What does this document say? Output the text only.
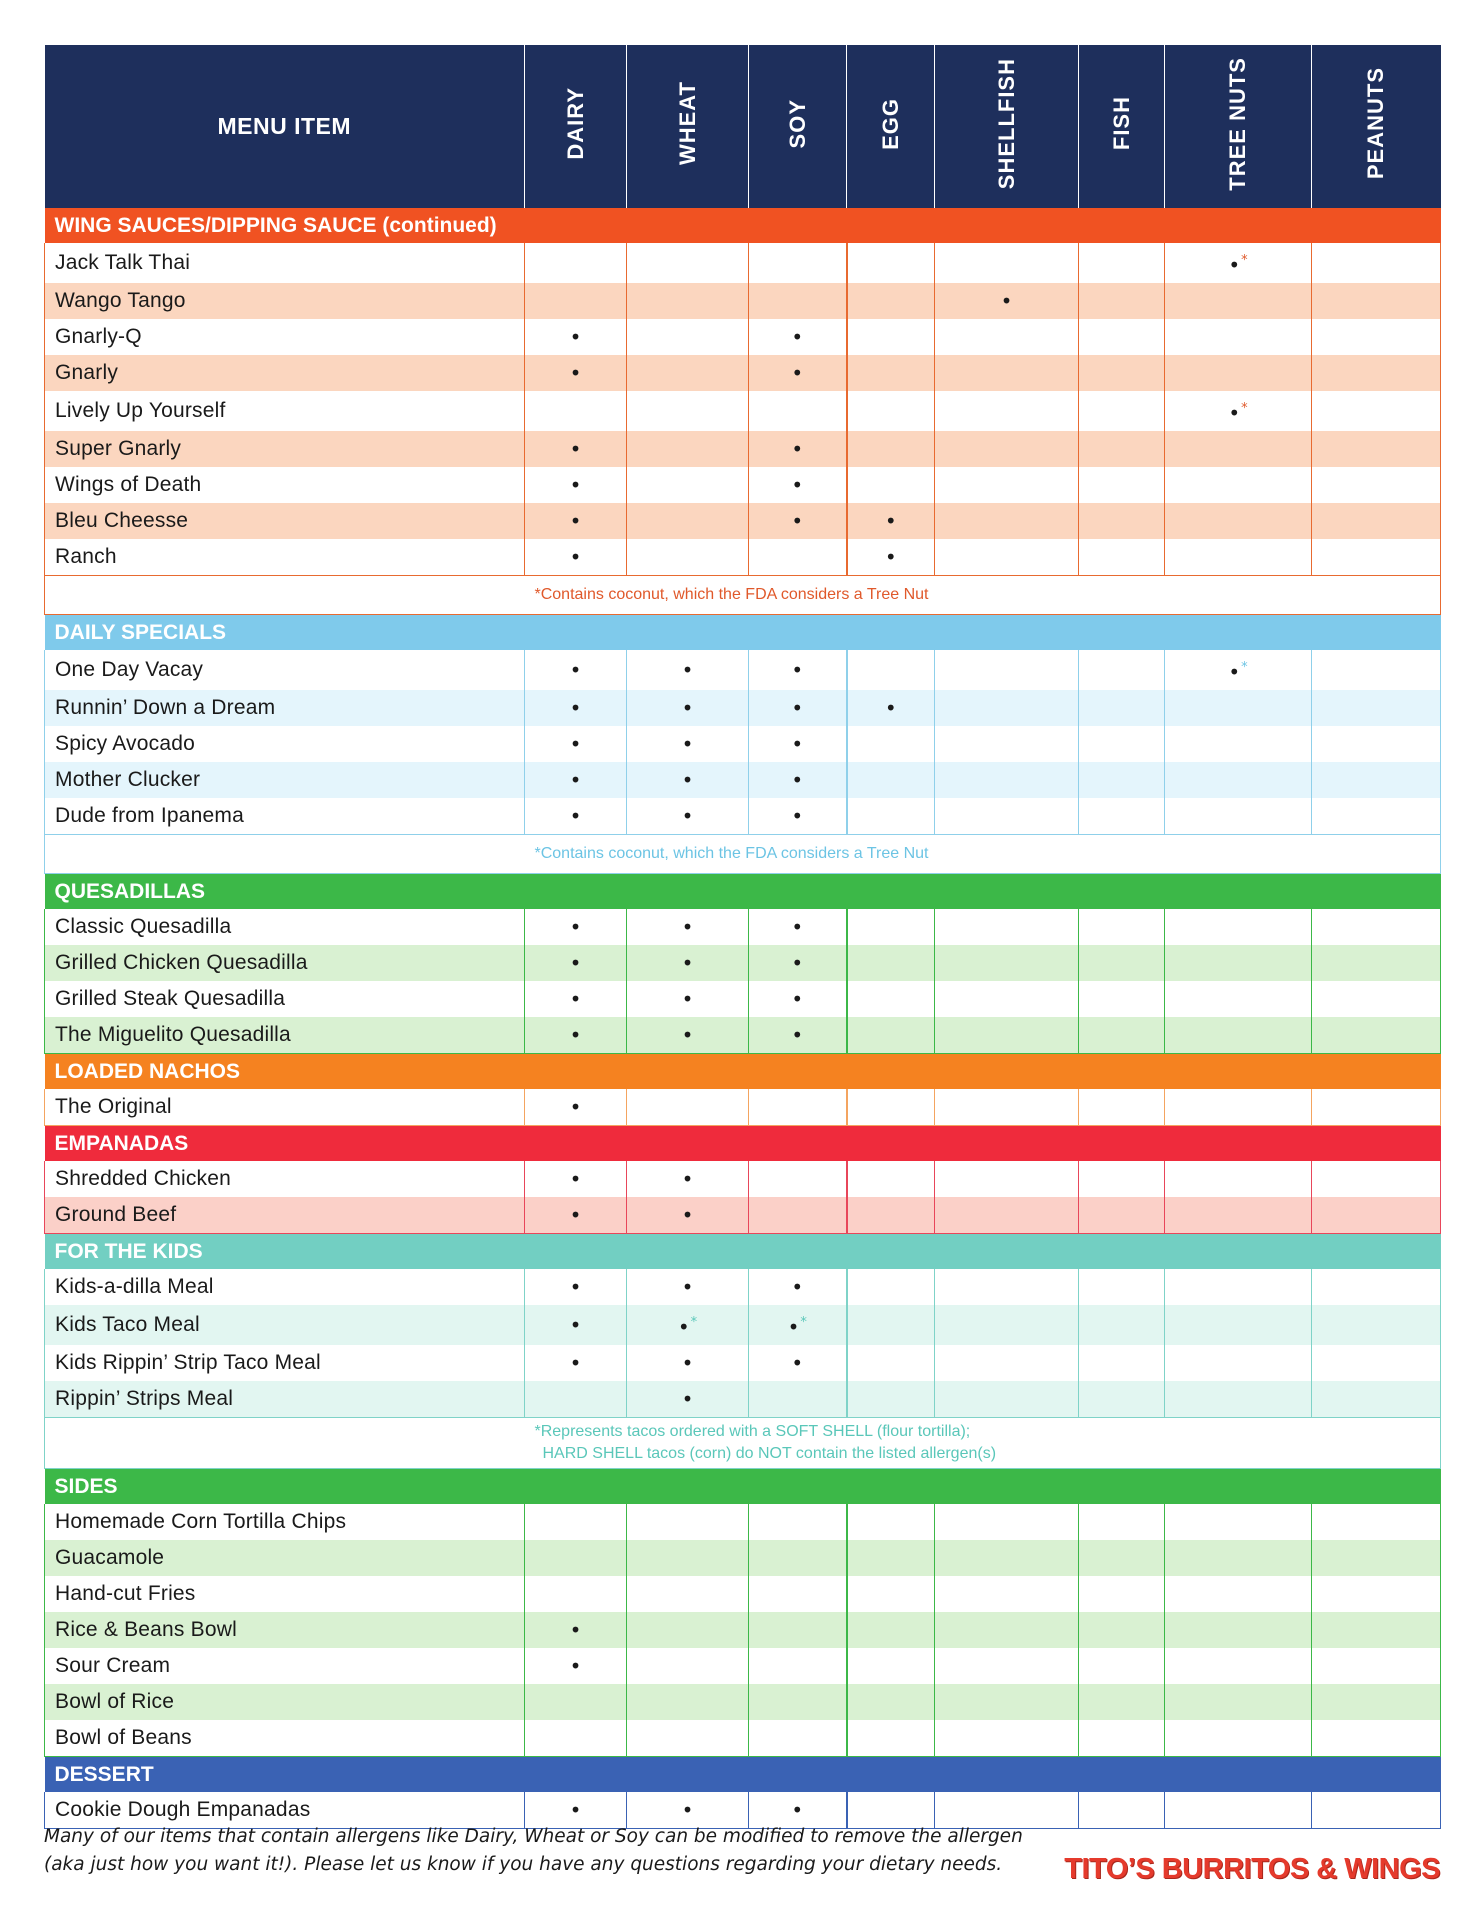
MENU ITEM	DAIRY	WHEAT	SOY	EGG	SHELLFISH	FISH	TREE NUTS	PEANUTS
WING SAUCES/DIPPING SAUCE (continued)								
Jack Talk Thai							•*	
Wango Tango					•			
Gnarly-Q	•		•					
Gnarly	•		•					
Lively Up Yourself							•*	
Super Gnarly	•		•					
Wings of Death	•		•					
Bleu Cheesse	•		•	•				
Ranch	•			•				
	*Contains coconut, which the FDA considers a Tree Nut							
DAILY SPECIALS								
One Day Vacay	•	•	•				•*	
Runnin’ Down a Dream	•	•	•	•				
Spicy Avocado	•	•	•					
Mother Clucker	•	•	•					
Dude from Ipanema	•	•	•					
	*Contains coconut, which the FDA considers a Tree Nut							
QUESADILLAS								
Classic Quesadilla	•	•	•					
Grilled Chicken Quesadilla	•	•	•					
Grilled Steak Quesadilla	•	•	•					
The Miguelito Quesadilla	•	•	•					
LOADED NACHOS								
The Original	•							
EMPANADAS								
Shredded Chicken	•	•						
Ground Beef	•	•						
FOR THE KIDS								
Kids-a-dilla Meal	•	•	•					
Kids Taco Meal	•	•*	•*					
Kids Rippin’ Strip Taco Meal	•	•	•					
Rippin’ Strips Meal		•						
	*Represents tacos ordered with a SOFT SHELL (flour tortilla);
HARD SHELL tacos (corn) do NOT contain the listed allergen(s)							
SIDES								
Homemade Corn Tortilla Chips								
Guacamole								
Hand-cut Fries								
Rice & Beans Bowl	•							
Sour Cream	•							
Bowl of Rice								
Bowl of Beans								
DESSERT								
Cookie Dough Empanadas	•	•	•					

Many of our items that contain allergens like Dairy, Wheat or Soy can be modified to remove the allergen
(aka just how you want it!). Please let us know if you have any questions regarding your dietary needs.	TITO’S BURRITOS & WINGS
